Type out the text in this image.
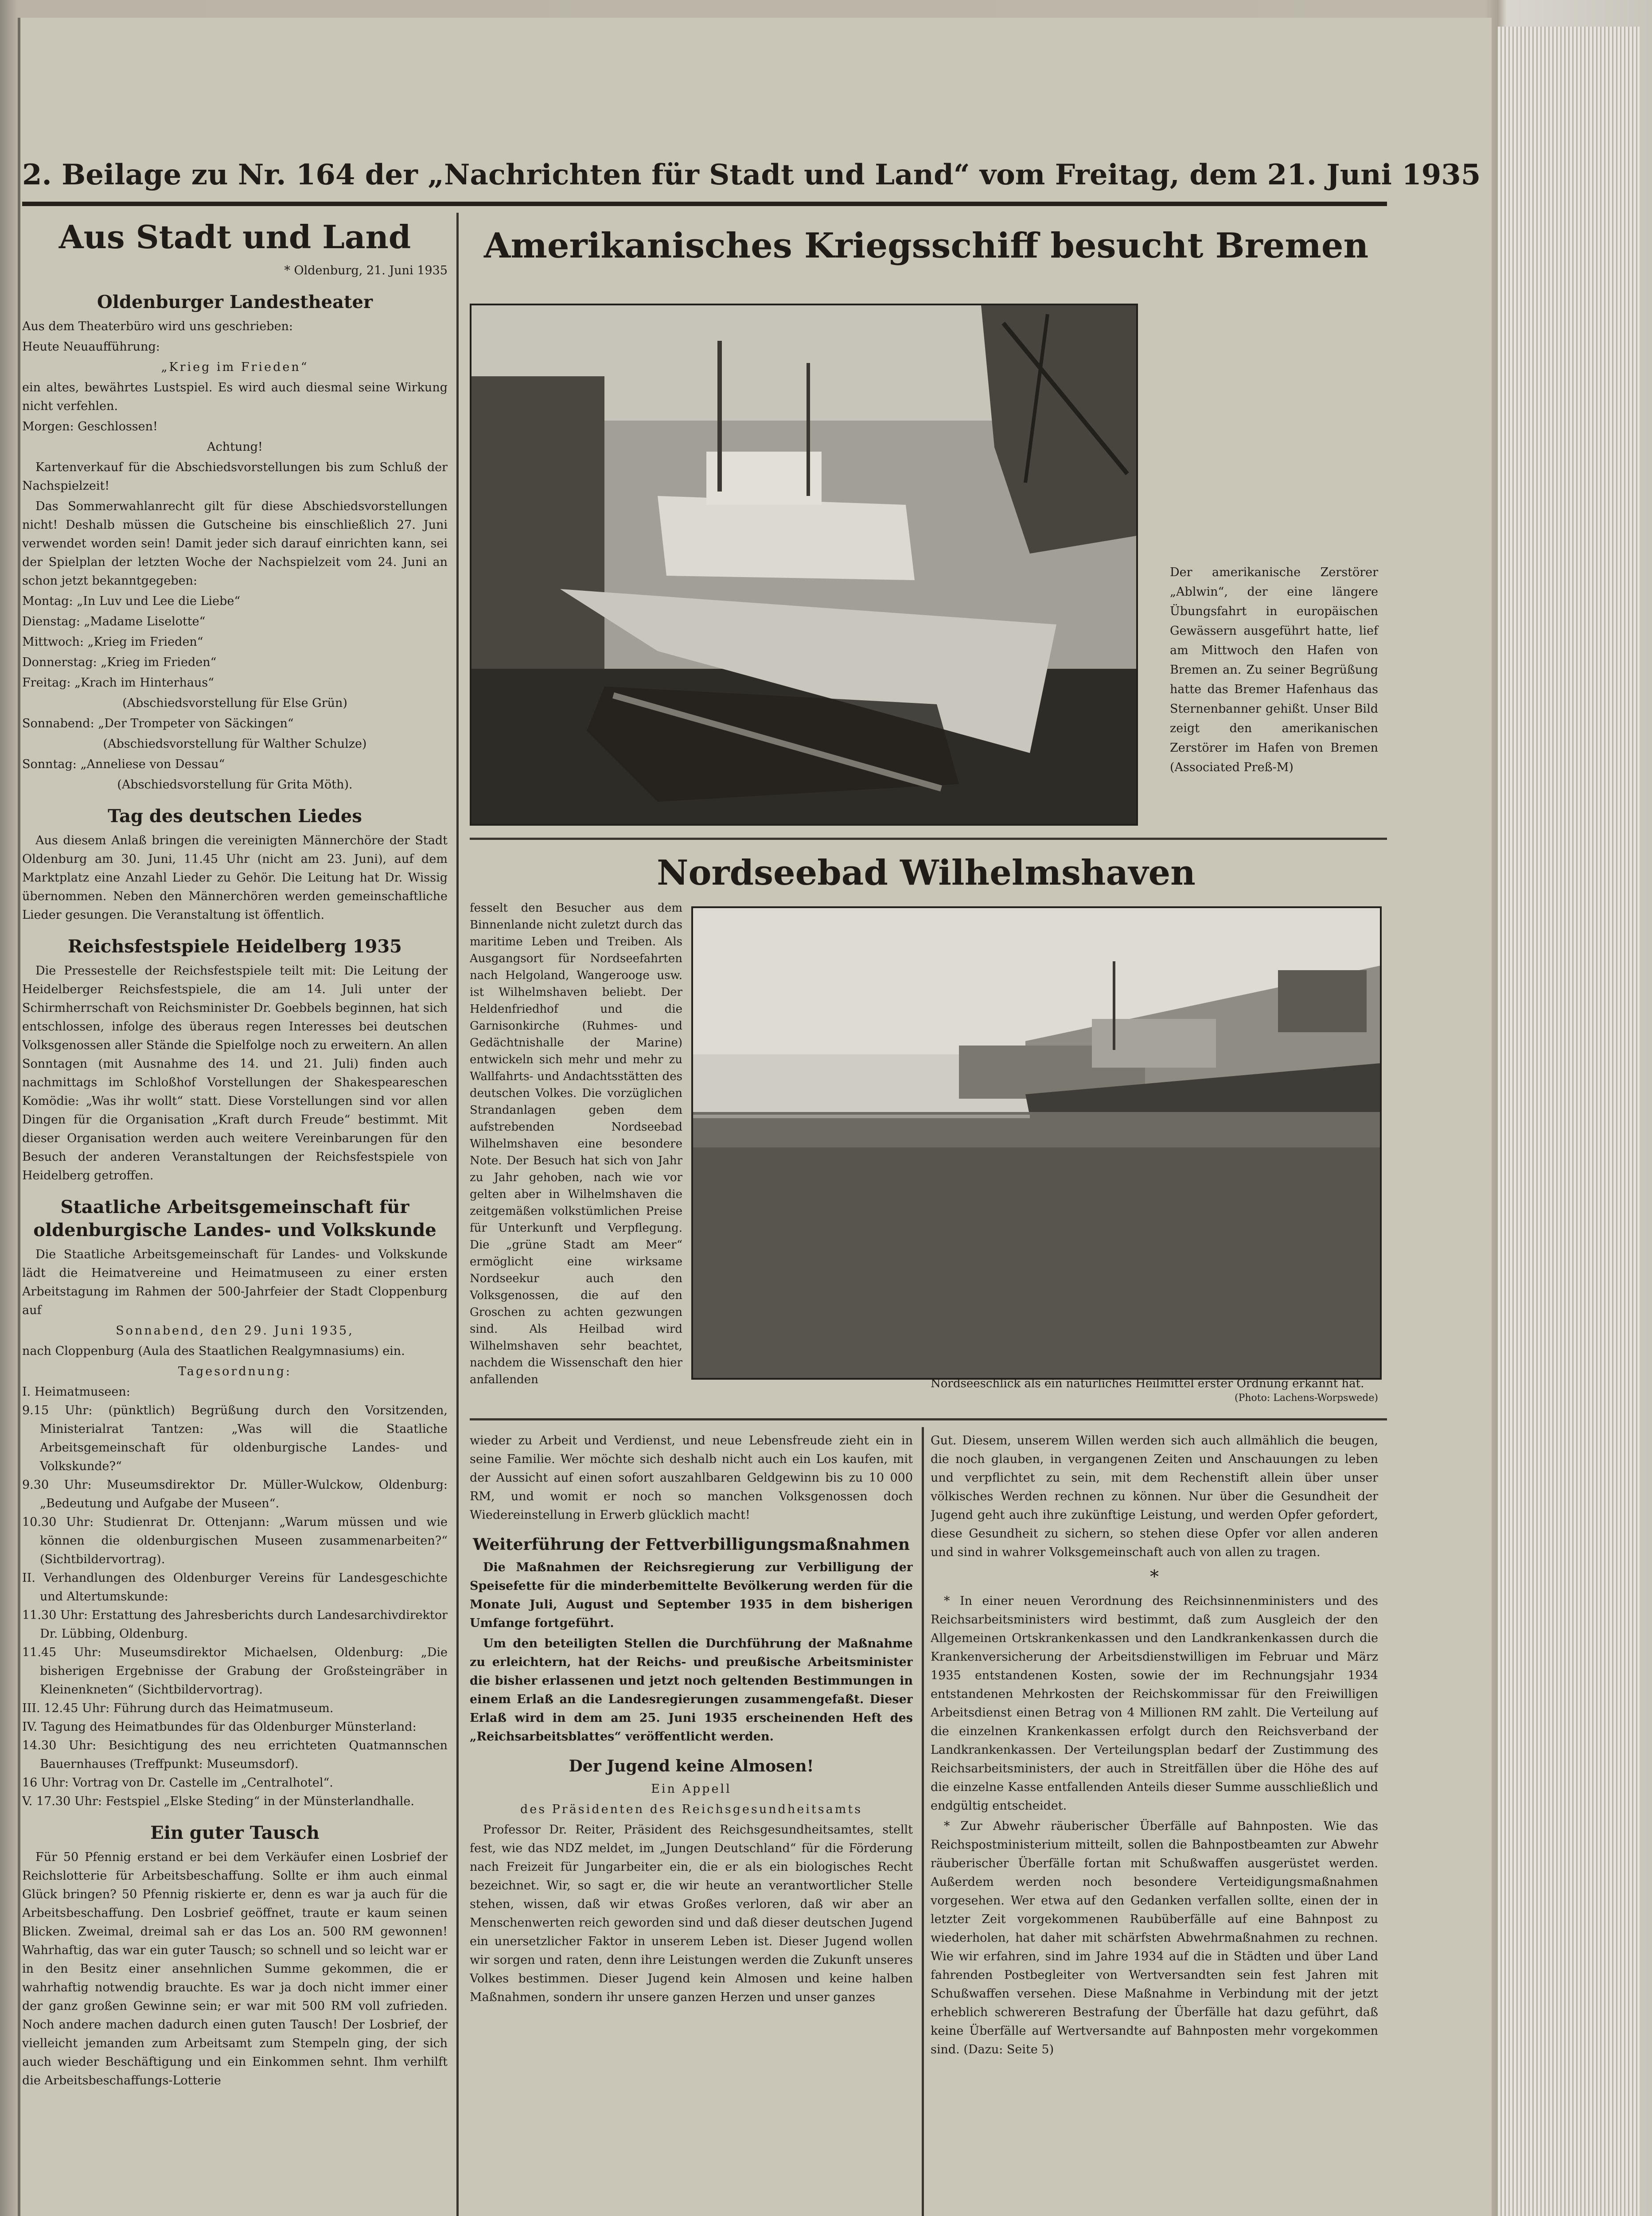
2. Beilage zu Nr. 164 der „Nachrichten für Stadt und Land“ vom Freitag, dem 21. Juni 1935
Aus Stadt und Land

* Oldenburg, 21. Juni 1935

Oldenburger Landestheater

Aus dem Theaterbüro wird uns geschrieben:

Heute Neuaufführung:

„Krieg im Frieden“

ein altes, bewährtes Lustspiel. Es wird auch diesmal seine Wirkung nicht verfehlen.

Morgen: Geschlossen!

Achtung!

Kartenverkauf für die Abschiedsvorstellungen bis zum Schluß der Nachspielzeit!

Das Sommerwahlanrecht gilt für diese Abschiedsvorstellungen nicht! Deshalb müssen die Gutscheine bis einschließlich 27. Juni verwendet worden sein! Damit jeder sich darauf einrichten kann, sei der Spielplan der letzten Woche der Nachspielzeit vom 24. Juni an schon jetzt bekanntgegeben:

Montag: „In Luv und Lee die Liebe“

Dienstag: „Madame Liselotte“

Mittwoch: „Krieg im Frieden“

Donnerstag: „Krieg im Frieden“

Freitag: „Krach im Hinterhaus“

(Abschiedsvorstellung für Else Grün)

Sonnabend: „Der Trompeter von Säckingen“

(Abschiedsvorstellung für Walther Schulze)

Sonntag: „Anneliese von Dessau“

(Abschiedsvorstellung für Grita Möth).

Tag des deutschen Liedes

Aus diesem Anlaß bringen die vereinigten Männerchöre der Stadt Oldenburg am 30. Juni, 11.45 Uhr (nicht am 23. Juni), auf dem Marktplatz eine Anzahl Lieder zu Gehör. Die Leitung hat Dr. Wissig übernommen. Neben den Männerchören werden gemeinschaftliche Lieder gesungen. Die Veranstaltung ist öffentlich.

Reichsfestspiele Heidelberg 1935

Die Pressestelle der Reichsfestspiele teilt mit: Die Leitung der Heidelberger Reichsfestspiele, die am 14. Juli unter der Schirmherrschaft von Reichsminister Dr. Goebbels beginnen, hat sich entschlossen, infolge des überaus regen Interesses bei deutschen Volksgenossen aller Stände die Spielfolge noch zu erweitern. An allen Sonntagen (mit Ausnahme des 14. und 21. Juli) finden auch nachmittags im Schloßhof Vorstellungen der Shakespeareschen Komödie: „Was ihr wollt“ statt. Diese Vorstellungen sind vor allen Dingen für die Organisation „Kraft durch Freude“ bestimmt. Mit dieser Organisation werden auch weitere Vereinbarungen für den Besuch der anderen Veranstaltungen der Reichsfestspiele von Heidelberg getroffen.

Staatliche Arbeitsgemeinschaft für oldenburgische Landes- und Volkskunde

Die Staatliche Arbeitsgemeinschaft für Landes- und Volkskunde lädt die Heimatvereine und Heimatmuseen zu einer ersten Arbeitstagung im Rahmen der 500-Jahrfeier der Stadt Cloppenburg auf

Sonnabend, den 29. Juni 1935,

nach Cloppenburg (Aula des Staatlichen Realgymnasiums) ein.

Tagesordnung:

I. Heimatmuseen:

9.15 Uhr: (pünktlich) Begrüßung durch den Vorsitzenden, Ministerialrat Tantzen: „Was will die Staatliche Arbeitsgemeinschaft für oldenburgische Landes- und Volkskunde?“

9.30 Uhr: Museumsdirektor Dr. Müller-Wulckow, Oldenburg: „Bedeutung und Aufgabe der Museen“.

10.30 Uhr: Studienrat Dr. Ottenjann: „Warum müssen und wie können die oldenburgischen Museen zusammenarbeiten?“ (Sichtbildervortrag).

II. Verhandlungen des Oldenburger Vereins für Landesgeschichte und Altertumskunde:

11.30 Uhr: Erstattung des Jahresberichts durch Landesarchivdirektor Dr. Lübbing, Oldenburg.

11.45 Uhr: Museumsdirektor Michaelsen, Oldenburg: „Die bisherigen Ergebnisse der Grabung der Großsteingräber in Kleinenkneten“ (Sichtbildervortrag).

III. 12.45 Uhr: Führung durch das Heimatmuseum.

IV. Tagung des Heimatbundes für das Oldenburger Münsterland:

14.30 Uhr: Besichtigung des neu errichteten Quatmannschen Bauernhauses (Treffpunkt: Museumsdorf).

16 Uhr: Vortrag von Dr. Castelle im „Centralhotel“.

V. 17.30 Uhr: Festspiel „Elske Steding“ in der Münsterlandhalle.

Ein guter Tausch

Für 50 Pfennig erstand er bei dem Verkäufer einen Losbrief der Reichslotterie für Arbeitsbeschaffung. Sollte er ihm auch einmal Glück bringen? 50 Pfennig riskierte er, denn es war ja auch für die Arbeitsbeschaffung. Den Losbrief geöffnet, traute er kaum seinen Blicken. Zweimal, dreimal sah er das Los an. 500 RM gewonnen! Wahrhaftig, das war ein guter Tausch; so schnell und so leicht war er in den Besitz einer ansehnlichen Summe gekommen, die er wahrhaftig notwendig brauchte. Es war ja doch nicht immer einer der ganz großen Gewinne sein; er war mit 500 RM voll zufrieden. Noch andere machen dadurch einen guten Tausch! Der Losbrief, der vielleicht jemanden zum Arbeitsamt zum Stempeln ging, der sich auch wieder Beschäftigung und ein Einkommen sehnt. Ihm verhilft die Arbeitsbeschaffungs-Lotterie

Amerikanisches Kriegsschiff besucht Bremen
Der amerikanische Zerstörer „Ablwin“, der eine längere Übungsfahrt in europäischen Gewässern ausgeführt hatte, lief am Mittwoch den Hafen von Bremen an. Zu seiner Begrüßung hatte das Bremer Hafenhaus das Sternenbanner gehißt. Unser Bild zeigt den amerikanischen Zerstörer im Hafen von Bremen (Associated Preß-M)
Nordseebad Wilhelmshaven

fesselt den Besucher aus dem Binnenlande nicht zuletzt durch das maritime Leben und Treiben. Als Ausgangsort für Nordseefahrten nach Helgoland, Wangerooge usw. ist Wilhelmshaven beliebt. Der Heldenfriedhof und die Garnisonkirche (Ruhmes- und Gedächtnishalle der Marine) entwickeln sich mehr und mehr zu Wallfahrts- und Andachtsstätten des deutschen Volkes. Die vorzüglichen Strandanlagen geben dem aufstrebenden Nordseebad Wilhelmshaven eine besondere Note. Der Besuch hat sich von Jahr zu Jahr gehoben, nach wie vor gelten aber in Wilhelmshaven die zeitgemäßen volkstümlichen Preise für Unterkunft und Verpflegung. Die „grüne Stadt am Meer“ ermöglicht eine wirksame Nordseekur auch den Volksgenossen, die auf den Groschen zu achten gezwungen sind. Als Heilbad wird Wilhelmshaven sehr beachtet, nachdem die Wissenschaft den hier anfallenden	Nordseeschlick als ein natürliches Heilmittel erster Ordnung erkannt hat.
(Photo: Lachens-Worpswede)

wieder zu Arbeit und Verdienst, und neue Lebensfreude zieht ein in seine Familie. Wer möchte sich deshalb nicht auch ein Los kaufen, mit der Aussicht auf einen sofort auszahlbaren Geldgewinn bis zu 10 000 RM, und womit er noch so manchen Volksgenossen doch Wiedereinstellung in Erwerb glücklich macht!

Weiterführung der Fettverbilligungsmaßnahmen

Die Maßnahmen der Reichsregierung zur Verbilligung der Speisefette für die minderbemittelte Bevölkerung werden für die Monate Juli, August und September 1935 in dem bisherigen Umfange fortgeführt.

Um den beteiligten Stellen die Durchführung der Maßnahme zu erleichtern, hat der Reichs- und preußische Arbeitsminister die bisher erlassenen und jetzt noch geltenden Bestimmungen in einem Erlaß an die Landesregierungen zusammengefaßt. Dieser Erlaß wird in dem am 25. Juni 1935 erscheinenden Heft des „Reichsarbeitsblattes“ veröffentlicht werden.

Der Jugend keine Almosen!

Ein Appell

des Präsidenten des Reichsgesundheitsamts

Professor Dr. Reiter, Präsident des Reichsgesundheitsamtes, stellt fest, wie das NDZ meldet, im „Jungen Deutschland“ für die Förderung nach Freizeit für Jungarbeiter ein, die er als ein biologisches Recht bezeichnet. Wir, so sagt er, die wir heute an verantwortlicher Stelle stehen, wissen, daß wir etwas Großes verloren, daß wir aber an Menschenwerten reich geworden sind und daß dieser deutschen Jugend ein unersetzlicher Faktor in unserem Leben ist. Dieser Jugend wollen wir sorgen und raten, denn ihre Leistungen werden die Zukunft unseres Volkes bestimmen. Dieser Jugend kein Almosen und keine halben Maßnahmen, sondern ihr unsere ganzen Herzen und unser ganzes

Gut. Diesem, unserem Willen werden sich auch allmählich die beugen, die noch glauben, in vergangenen Zeiten und Anschauungen zu leben und verpflichtet zu sein, mit dem Rechenstift allein über unser völkisches Werden rechnen zu können. Nur über die Gesundheit der Jugend geht auch ihre zukünftige Leistung, und werden Opfer gefordert, diese Gesundheit zu sichern, so stehen diese Opfer vor allen anderen und sind in wahrer Volksgemeinschaft auch von allen zu tragen.

*

* In einer neuen Verordnung des Reichsinnenministers und des Reichsarbeitsministers wird bestimmt, daß zum Ausgleich der den Allgemeinen Ortskrankenkassen und den Landkrankenkassen durch die Krankenversicherung der Arbeitsdienstwilligen im Februar und März 1935 entstandenen Kosten, sowie der im Rechnungsjahr 1934 entstandenen Mehrkosten der Reichskommissar für den Freiwilligen Arbeitsdienst einen Betrag von 4 Millionen RM zahlt. Die Verteilung auf die einzelnen Krankenkassen erfolgt durch den Reichsverband der Landkrankenkassen. Der Verteilungsplan bedarf der Zustimmung des Reichsarbeitsministers, der auch in Streitfällen über die Höhe des auf die einzelne Kasse entfallenden Anteils dieser Summe ausschließlich und endgültig entscheidet.

* Zur Abwehr räuberischer Überfälle auf Bahnposten. Wie das Reichspostministerium mitteilt, sollen die Bahnpostbeamten zur Abwehr räuberischer Überfälle fortan mit Schußwaffen ausgerüstet werden. Außerdem werden noch besondere Verteidigungsmaßnahmen vorgesehen. Wer etwa auf den Gedanken verfallen sollte, einen der in letzter Zeit vorgekommenen Raubüberfälle auf eine Bahnpost zu wiederholen, hat daher mit schärfsten Abwehrmaßnahmen zu rechnen. Wie wir erfahren, sind im Jahre 1934 auf die in Städten und über Land fahrenden Postbegleiter von Wertversandten sein fest Jahren mit Schußwaffen versehen. Diese Maßnahme in Verbindung mit der jetzt erheblich schwereren Bestrafung der Überfälle hat dazu geführt, daß keine Überfälle auf Wertversandte auf Bahnposten mehr vorgekommen sind. (Dazu: Seite 5)
